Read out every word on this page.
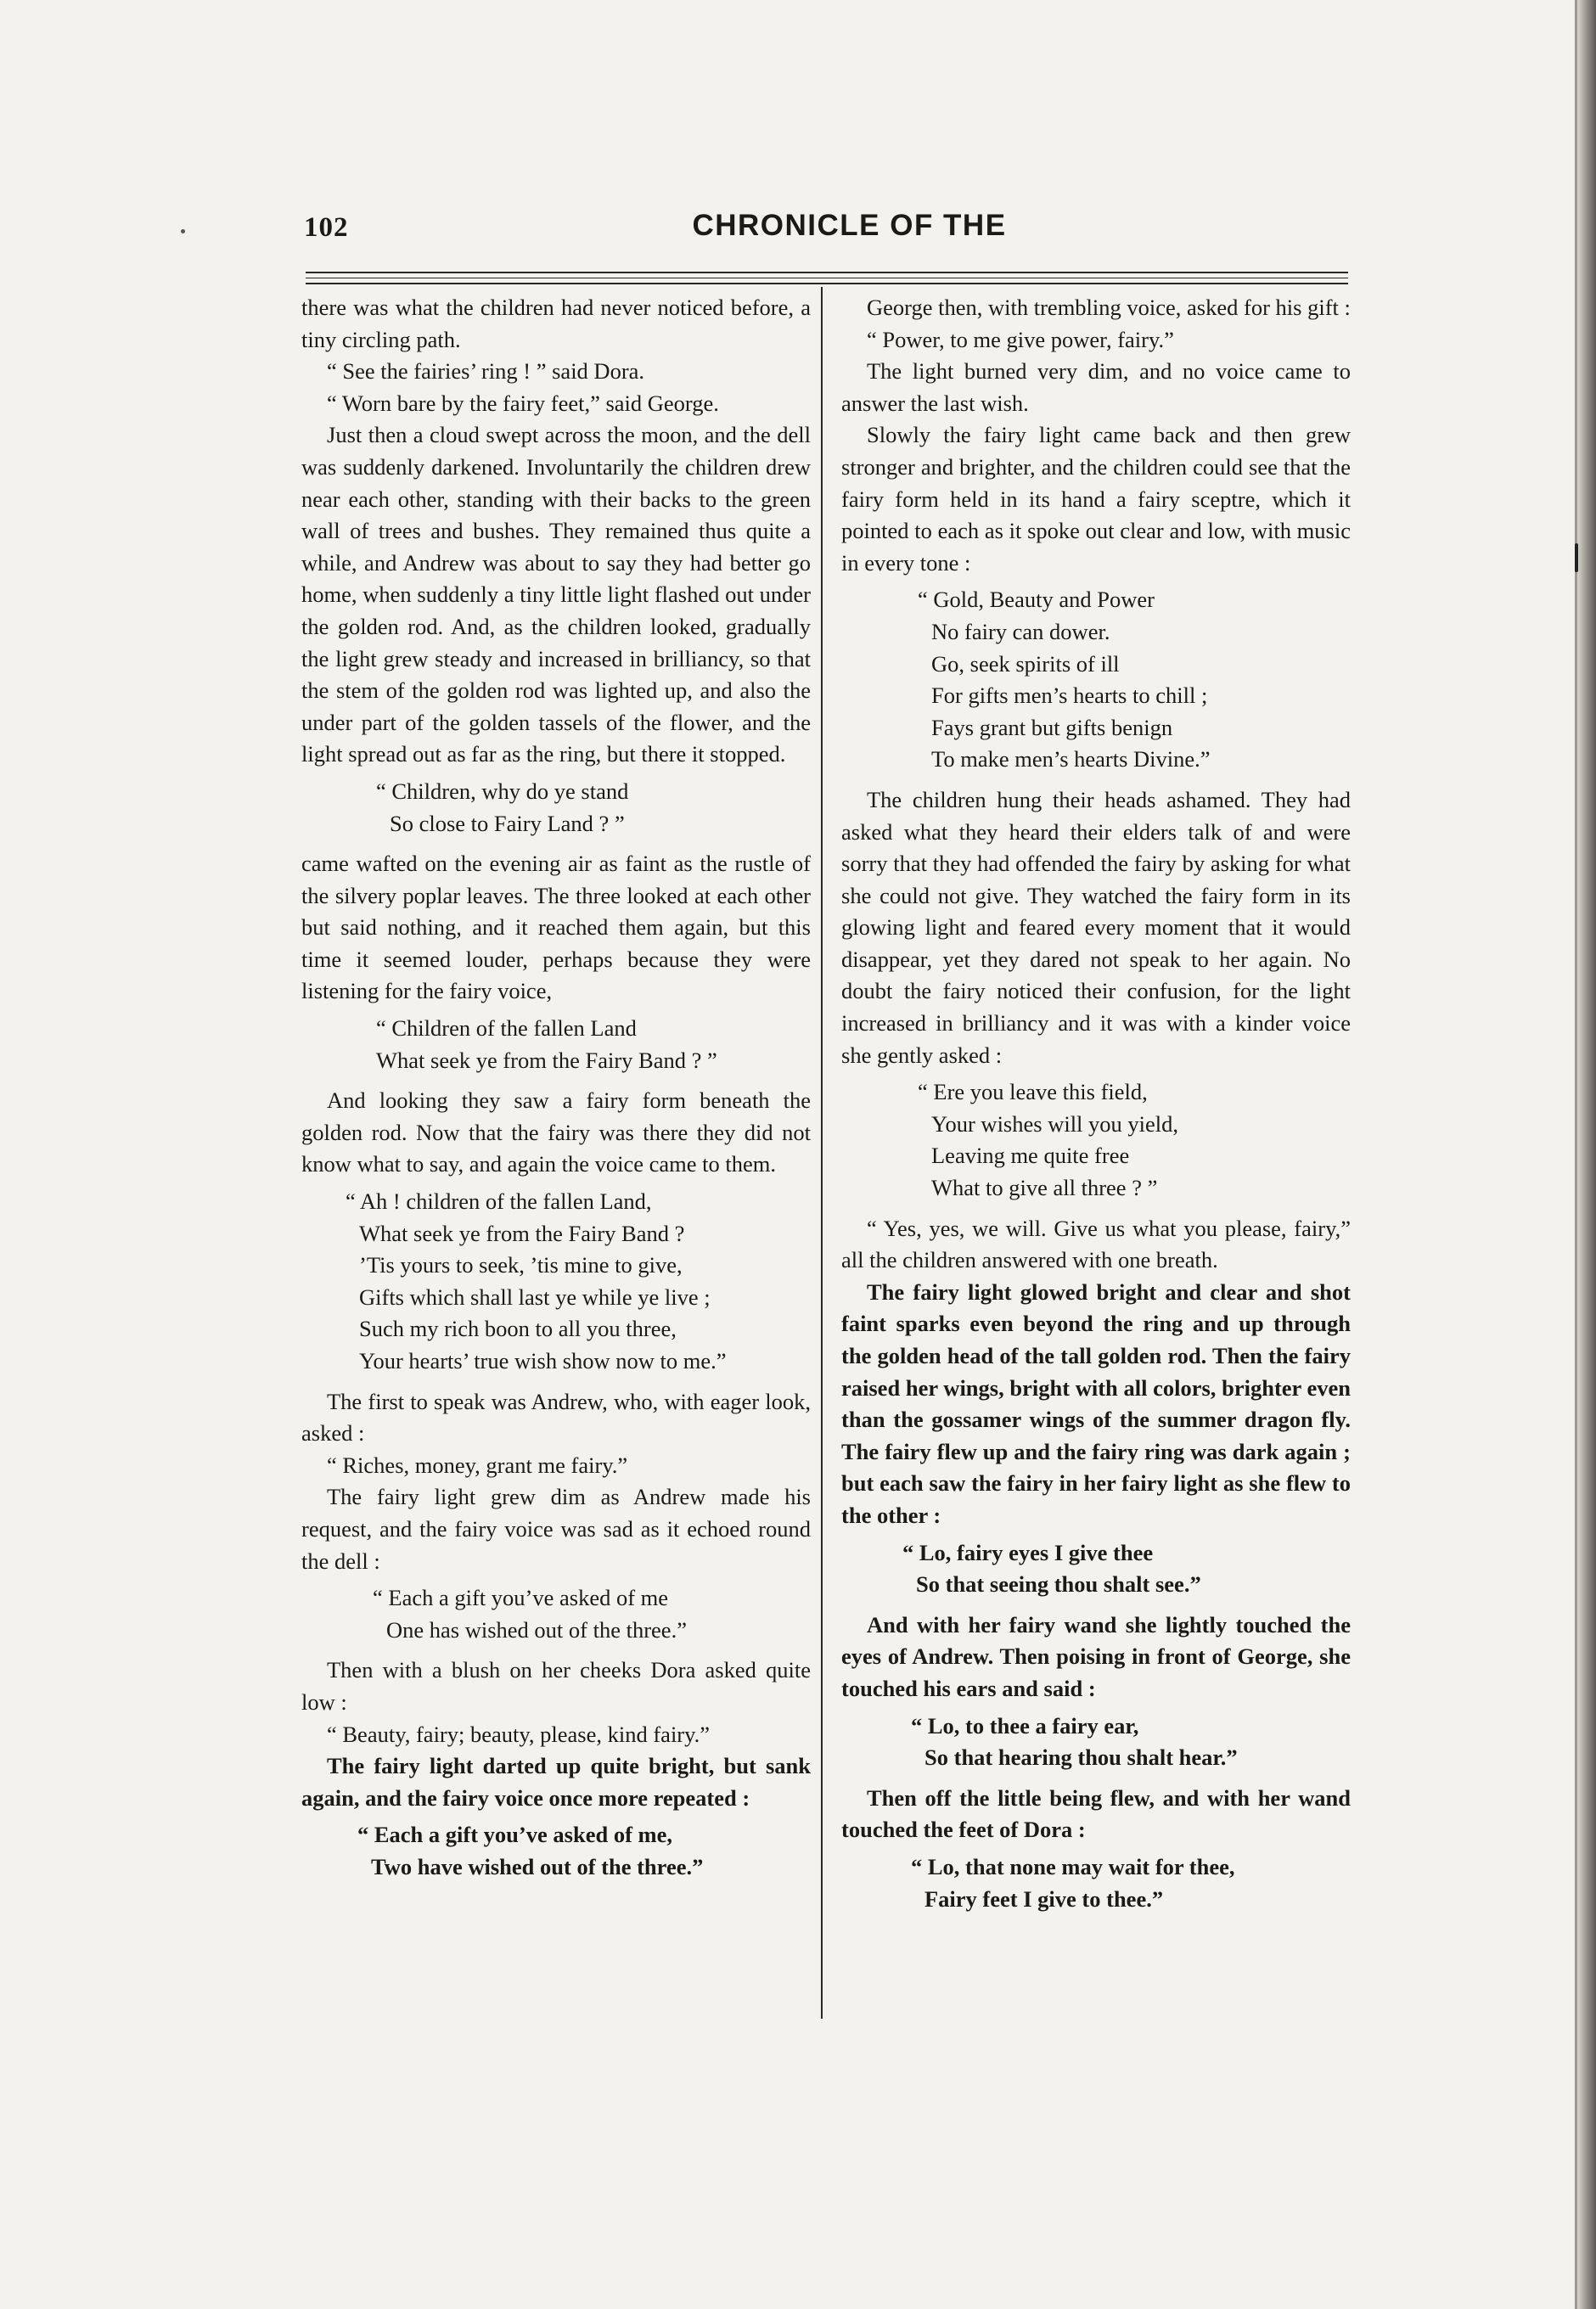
102	CHRONICLE OF THE

there was what the children had never noticed before, a tiny circling path.

“ See the fairies’ ring ! ” said Dora.

“ Worn bare by the fairy feet,” said George.

Just then a cloud swept across the moon, and the dell was suddenly darkened. Involuntarily the children drew near each other, standing with their backs to the green wall of trees and bushes. They remained thus quite a while, and Andrew was about to say they had better go home, when suddenly a tiny little light flashed out under the golden rod. And, as the children looked, gradually the light grew steady and increased in brilliancy, so that the stem of the golden rod was lighted up, and also the under part of the golden tassels of the flower, and the light spread out as far as the ring, but there it stopped.

“ Children, why do ye stand
So close to Fairy Land ? ”

came wafted on the evening air as faint as the rustle of the silvery poplar leaves. The three looked at each other but said nothing, and it reached them again, but this time it seemed louder, perhaps because they were listening for the fairy voice,

“ Children of the fallen Land
What seek ye from the Fairy Band ? ”

And looking they saw a fairy form beneath the golden rod. Now that the fairy was there they did not know what to say, and again the voice came to them.

“ Ah ! children of the fallen Land,
What seek ye from the Fairy Band ?
’Tis yours to seek, ’tis mine to give,
Gifts which shall last ye while ye live ;
Such my rich boon to all you three,
Your hearts’ true wish show now to me.”

The first to speak was Andrew, who, with eager look, asked :

“ Riches, money, grant me fairy.”

The fairy light grew dim as Andrew made his request, and the fairy voice was sad as it echoed round the dell :

“ Each a gift you’ve asked of me
One has wished out of the three.”

Then with a blush on her cheeks Dora asked quite low :

“ Beauty, fairy; beauty, please, kind fairy.”

The fairy light darted up quite bright, but sank again, and the fairy voice once more repeated :

“ Each a gift you’ve asked of me,
Two have wished out of the three.”

George then, with trembling voice, asked for his gift :

“ Power, to me give power, fairy.”

The light burned very dim, and no voice came to answer the last wish.

Slowly the fairy light came back and then grew stronger and brighter, and the children could see that the fairy form held in its hand a fairy sceptre, which it pointed to each as it spoke out clear and low, with music in every tone :

“ Gold, Beauty and Power
No fairy can dower.
Go, seek spirits of ill
For gifts men’s hearts to chill ;
Fays grant but gifts benign
To make men’s hearts Divine.”

The children hung their heads ashamed. They had asked what they heard their elders talk of and were sorry that they had offended the fairy by asking for what she could not give. They watched the fairy form in its glowing light and feared every moment that it would disappear, yet they dared not speak to her again. No doubt the fairy noticed their confusion, for the light increased in brilliancy and it was with a kinder voice she gently asked :

“ Ere you leave this field,
Your wishes will you yield,
Leaving me quite free
What to give all three ? ”

“ Yes, yes, we will. Give us what you please, fairy,” all the children answered with one breath.

The fairy light glowed bright and clear and shot faint sparks even beyond the ring and up through the golden head of the tall golden rod. Then the fairy raised her wings, bright with all colors, brighter even than the gossamer wings of the summer dragon fly. The fairy flew up and the fairy ring was dark again ; but each saw the fairy in her fairy light as she flew to the other :

“ Lo, fairy eyes I give thee
So that seeing thou shalt see.”

And with her fairy wand she lightly touched the eyes of Andrew. Then poising in front of George, she touched his ears and said :

“ Lo, to thee a fairy ear,
So that hearing thou shalt hear.”

Then off the little being flew, and with her wand touched the feet of Dora :

“ Lo, that none may wait for thee,
Fairy feet I give to thee.”
